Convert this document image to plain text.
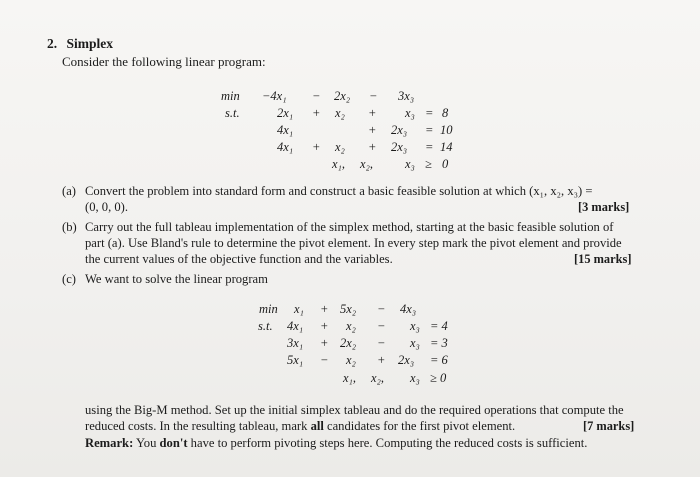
2. Simplex
Consider the following linear program:
min −4x₁ − 2x₂ − 3x₃
s.t.	2x₁ + x₂ + x₃ = 8
4x₁	+ 2x₃ = 10
4x₁ + x₂ + 2x₃ = 14
x₁, x₂,	x₃ ≥ 0
(a) Convert the problem into standard form and construct a basic feasible solution at which (x₁, x₂, x₃) =
(0, 0, 0).	[3 marks]
(b) Carry out the full tableau implementation of the simplex method, starting at the basic feasible solution of
part (a). Use Bland's rule to determine the pivot element. In every step mark the pivot element and provide
the current values of the objective function and the variables.	[15 marks]
(c) We want to solve the linear program
min x₁ + 5x₂ − 4x₃
s.t. 4x₁ + x₂ − x₃ = 4
3x₁ + 2x₂ − x₃ = 3
5x₁ − x₂ + 2x₃ = 6
x₁, x₂, x₃ ≥ 0
using the Big-M method. Set up the initial simplex tableau and do the required operations that compute the
reduced costs. In the resulting tableau, mark all candidates for the first pivot element.	[7 marks]
Remark: You don't have to perform pivoting steps here. Computing the reduced costs is sufficient.
